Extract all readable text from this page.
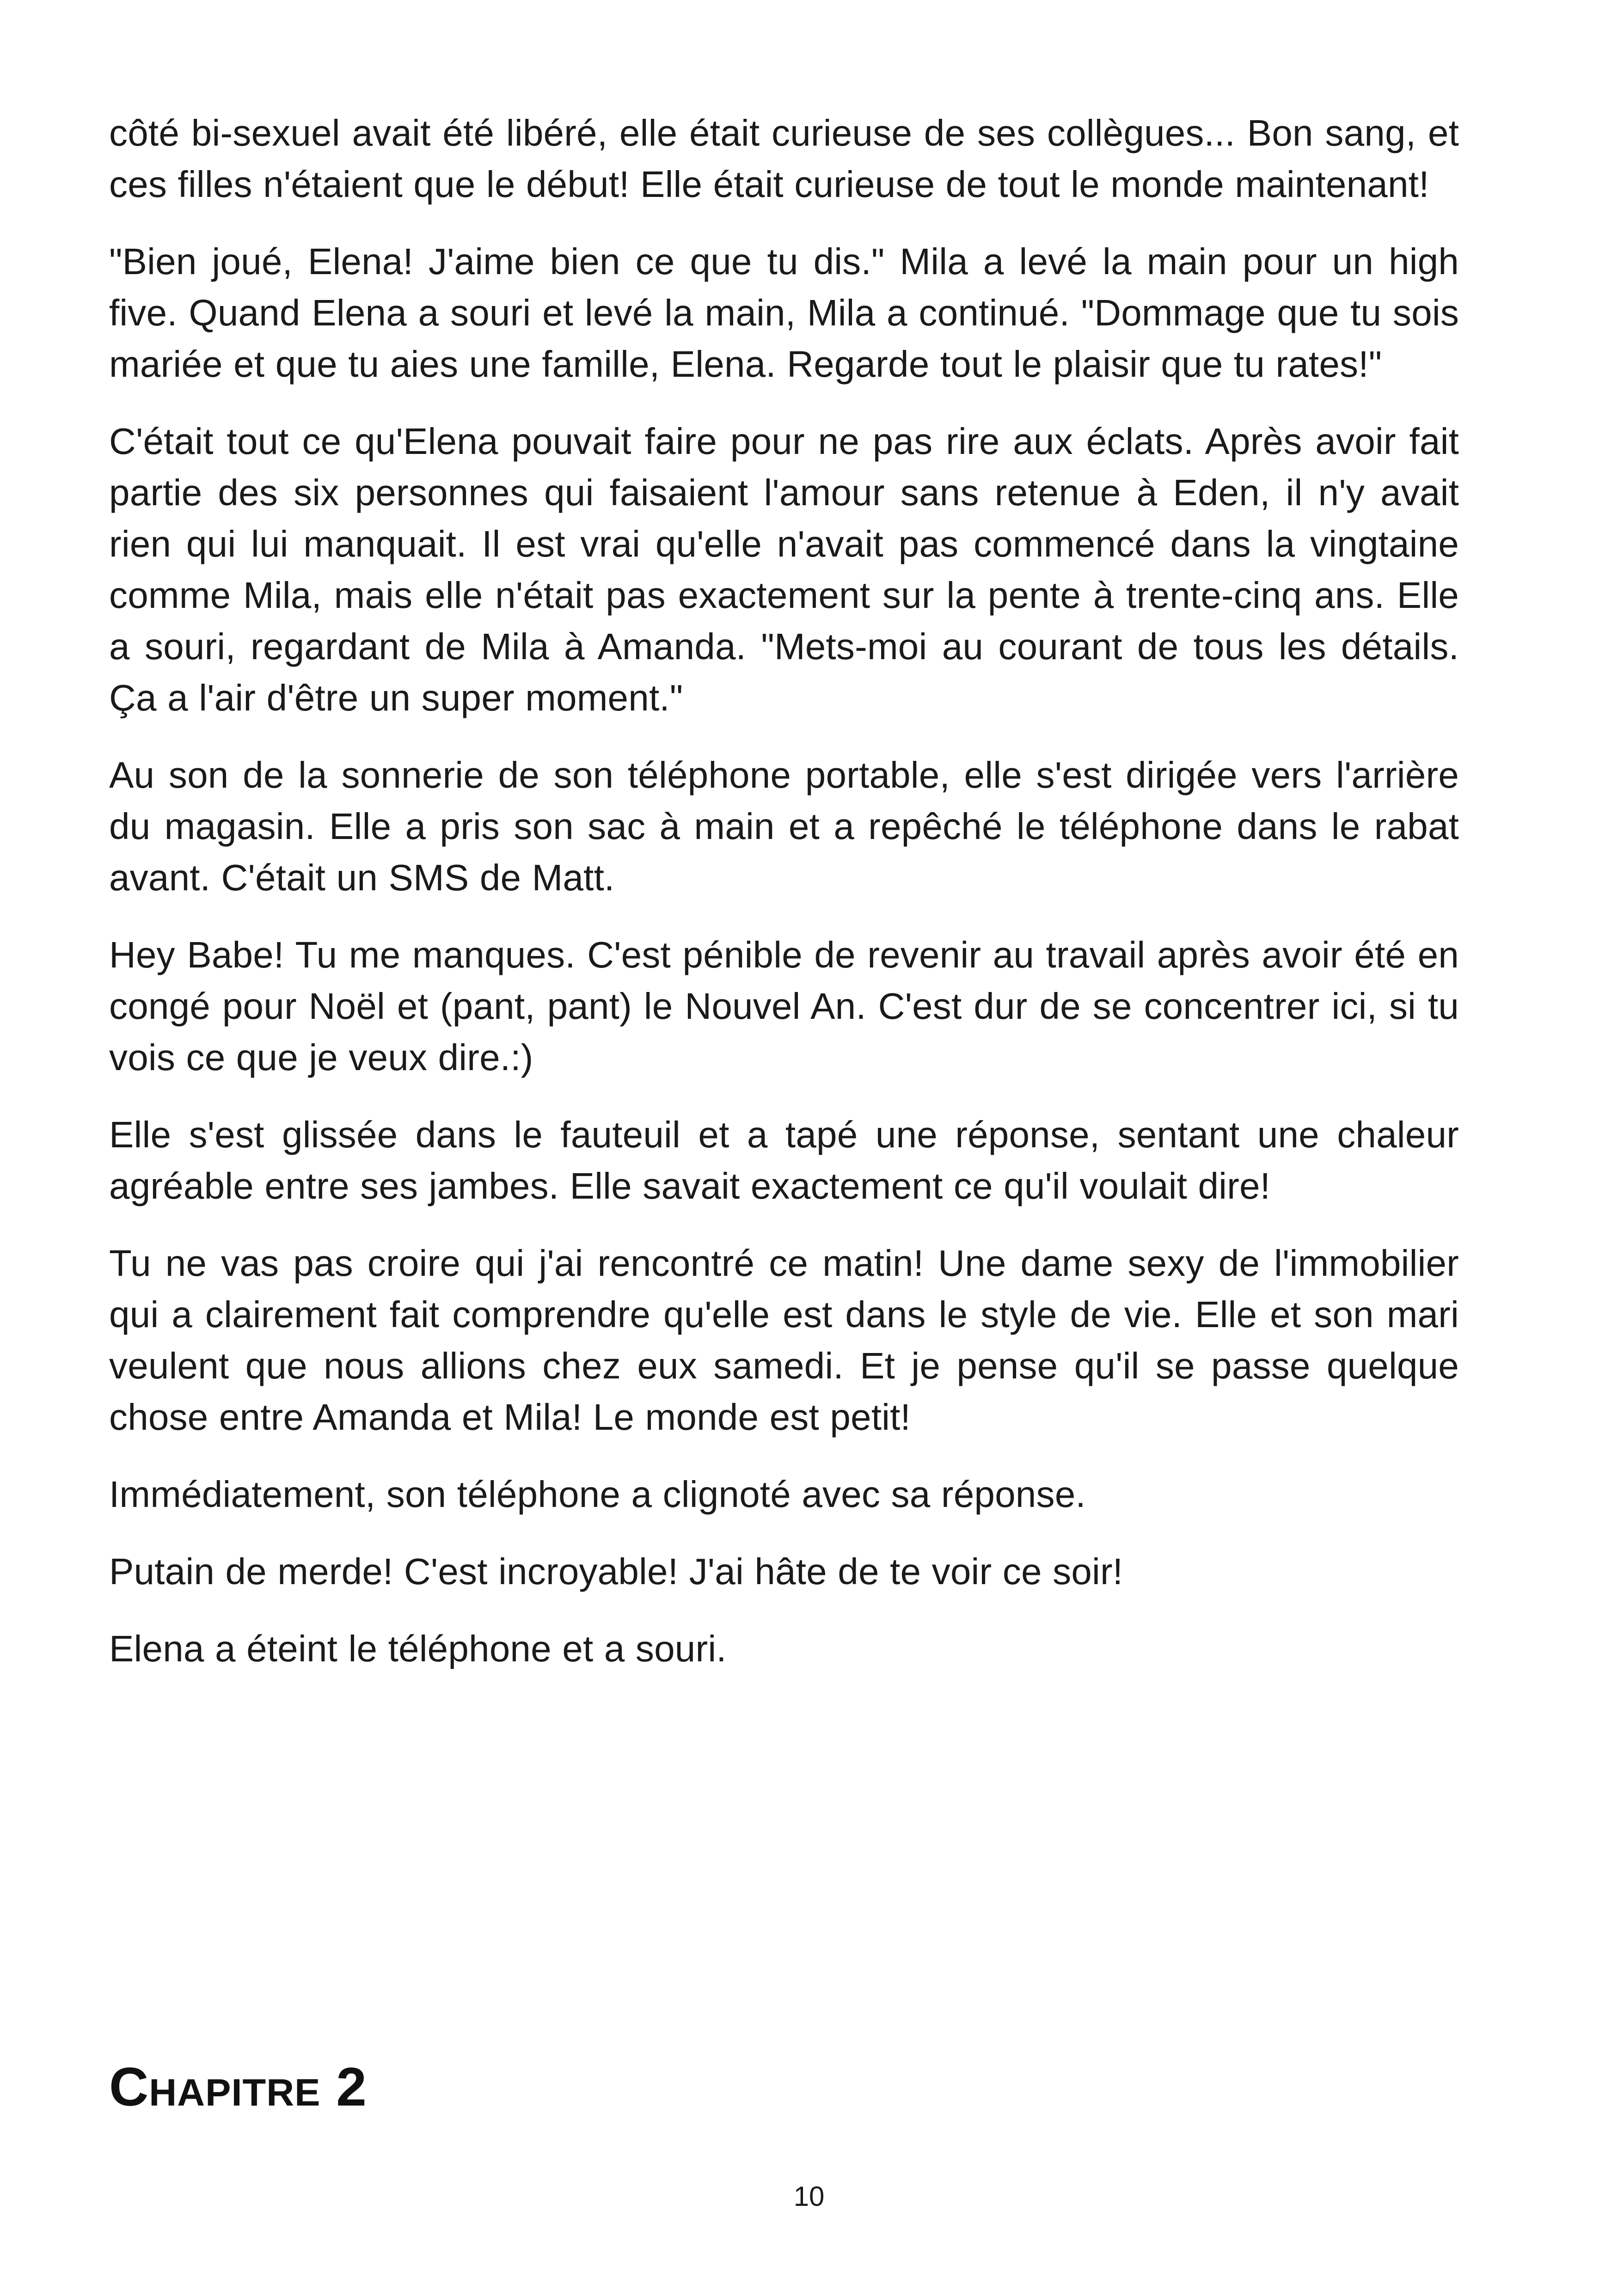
côté bi-sexuel avait été libéré, elle était curieuse de ses collègues... Bon sang, et ces filles n'étaient que le début! Elle était curieuse de tout le monde maintenant!

"Bien joué, Elena! J'aime bien ce que tu dis." Mila a levé la main pour un high five. Quand Elena a souri et levé la main, Mila a continué. "Dommage que tu sois mariée et que tu aies une famille, Elena. Regarde tout le plaisir que tu rates!"

C'était tout ce qu'Elena pouvait faire pour ne pas rire aux éclats. Après avoir fait partie des six personnes qui faisaient l'amour sans retenue à Eden, il n'y avait rien qui lui manquait. Il est vrai qu'elle n'avait pas commencé dans la vingtaine comme Mila, mais elle n'était pas exactement sur la pente à trente-cinq ans. Elle a souri, regardant de Mila à Amanda. "Mets-moi au courant de tous les détails. Ça a l'air d'être un super moment."

Au son de la sonnerie de son téléphone portable, elle s'est dirigée vers l'arrière du magasin. Elle a pris son sac à main et a repêché le téléphone dans le rabat avant. C'était un SMS de Matt.

Hey Babe! Tu me manques. C'est pénible de revenir au travail après avoir été en congé pour Noël et (pant, pant) le Nouvel An. C'est dur de se concentrer ici, si tu vois ce que je veux dire.:)

Elle s'est glissée dans le fauteuil et a tapé une réponse, sentant une chaleur agréable entre ses jambes. Elle savait exactement ce qu'il voulait dire!

Tu ne vas pas croire qui j'ai rencontré ce matin! Une dame sexy de l'immobilier qui a clairement fait comprendre qu'elle est dans le style de vie. Elle et son mari veulent que nous allions chez eux samedi. Et je pense qu'il se passe quelque chose entre Amanda et Mila! Le monde est petit!

Immédiatement, son téléphone a clignoté avec sa réponse.

Putain de merde! C'est incroyable! J'ai hâte de te voir ce soir!

Elena a éteint le téléphone et a souri.

Chapitre 2
10
